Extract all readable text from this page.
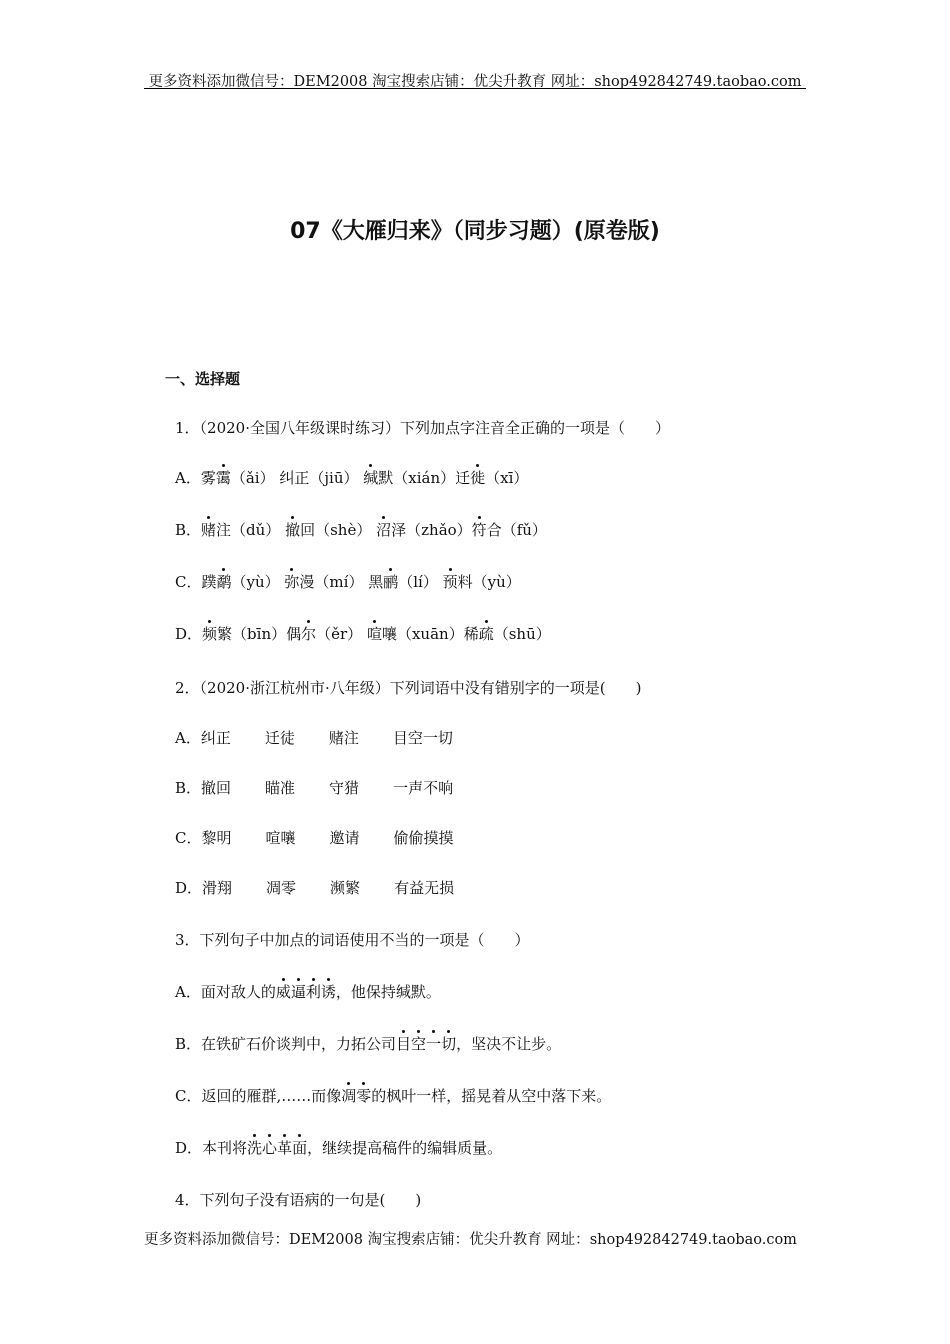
更多资料添加微信号：DEM2008 淘宝搜索店铺：优尖升教育 网址：shop492842749.taobao.com
07《大雁归来》（同步习题）(原卷版)
一、选择题
1．（2020·全国八年级课时练习）下列加点字注音全正确的一项是（　　）
A．雾霭（ǎi） 纠正（jiū） 缄默（xián）迁徙（xī）
B．赌注（dǔ） 撤回（shè） 沼泽（zhǎo）符合（fǔ）
C．蹼鹬（yù） 弥漫（mí） 黑鹂（lí） 预料（yù）
D．频繁（bīn）偶尔（ěr） 喧嚷（xuān）稀疏（shū）
2．（2020·浙江杭州市·八年级）下列词语中没有错别字的一项是(　　)
A．纠正 迁徒 赌注 目空一切
B．撤回 瞄准 守猎 一声不响
C．黎明 喧嚷 邀请 偷偷摸摸
D．滑翔 凋零 濒繁 有益无损
3．下列句子中加点的词语使用不当的一项是（　　）
A．面对敌人的威逼利诱，他保持缄默。
B．在铁矿石价谈判中，力拓公司目空一切，坚决不让步。
C．返回的雁群,……而像凋零的枫叶一样，摇晃着从空中落下来。
D．本刊将洗心革面，继续提高稿件的编辑质量。
4．下列句子没有语病的一句是(　　)
更多资料添加微信号：DEM2008 淘宝搜索店铺：优尖升教育 网址：shop492842749.taobao.com
